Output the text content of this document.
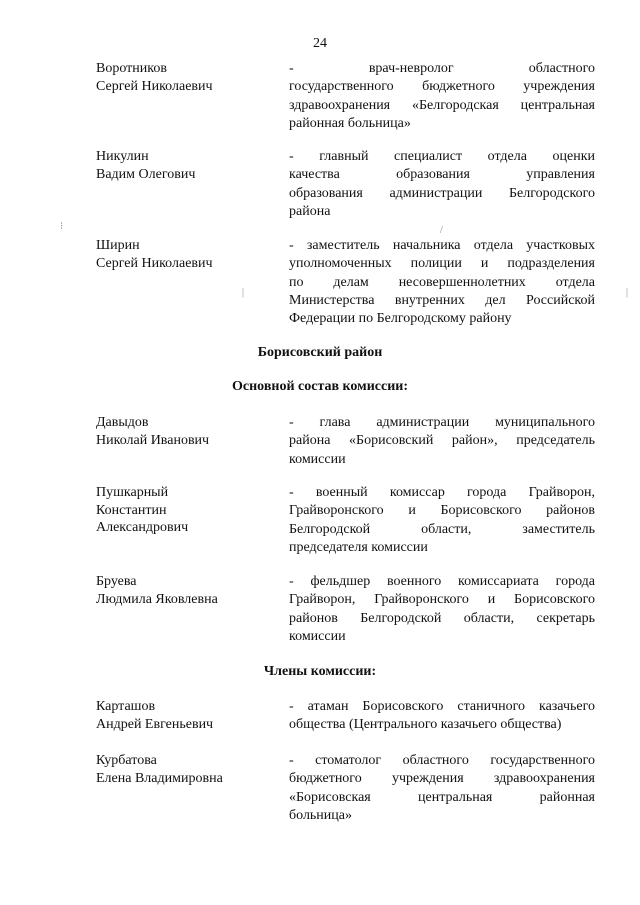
24
Воротников
Сергей Николаевич
- врач-невролог областного
государственного бюджетного учреждения
здравоохранения «Белгородская центральная
районная больница»
Никулин
Вадим Олегович
- главный специалист отдела оценки
качества образования управления
образования администрации Белгородского
района
Ширин
Сергей Николаевич
- заместитель начальника отдела участковых
уполномоченных полиции и подразделения
по делам несовершеннолетних отдела
Министерства внутренних дел Российской
Федерации по Белгородскому району
Борисовский район
Основной состав комиссии:
Давыдов
Николай Иванович
- глава администрации муниципального
района «Борисовский район», председатель
комиссии
Пушкарный
Константин
Александрович
- военный комиссар города Грайворон,
Грайворонского и Борисовского районов
Белгородской области, заместитель
председателя комиссии
Бруева
Людмила Яковлевна
- фельдшер военного комиссариата города
Грайворон, Грайворонского и Борисовского
районов Белгородской области, секретарь
комиссии
Члены комиссии:
Карташов
Андрей Евгеньевич
- атаман Борисовского станичного казачьего
общества (Центрального казачьего общества)
Курбатова
Елена Владимировна
- стоматолог областного государственного
бюджетного учреждения здравоохранения
«Борисовская центральная районная
больница»
⁝
|
/
|
